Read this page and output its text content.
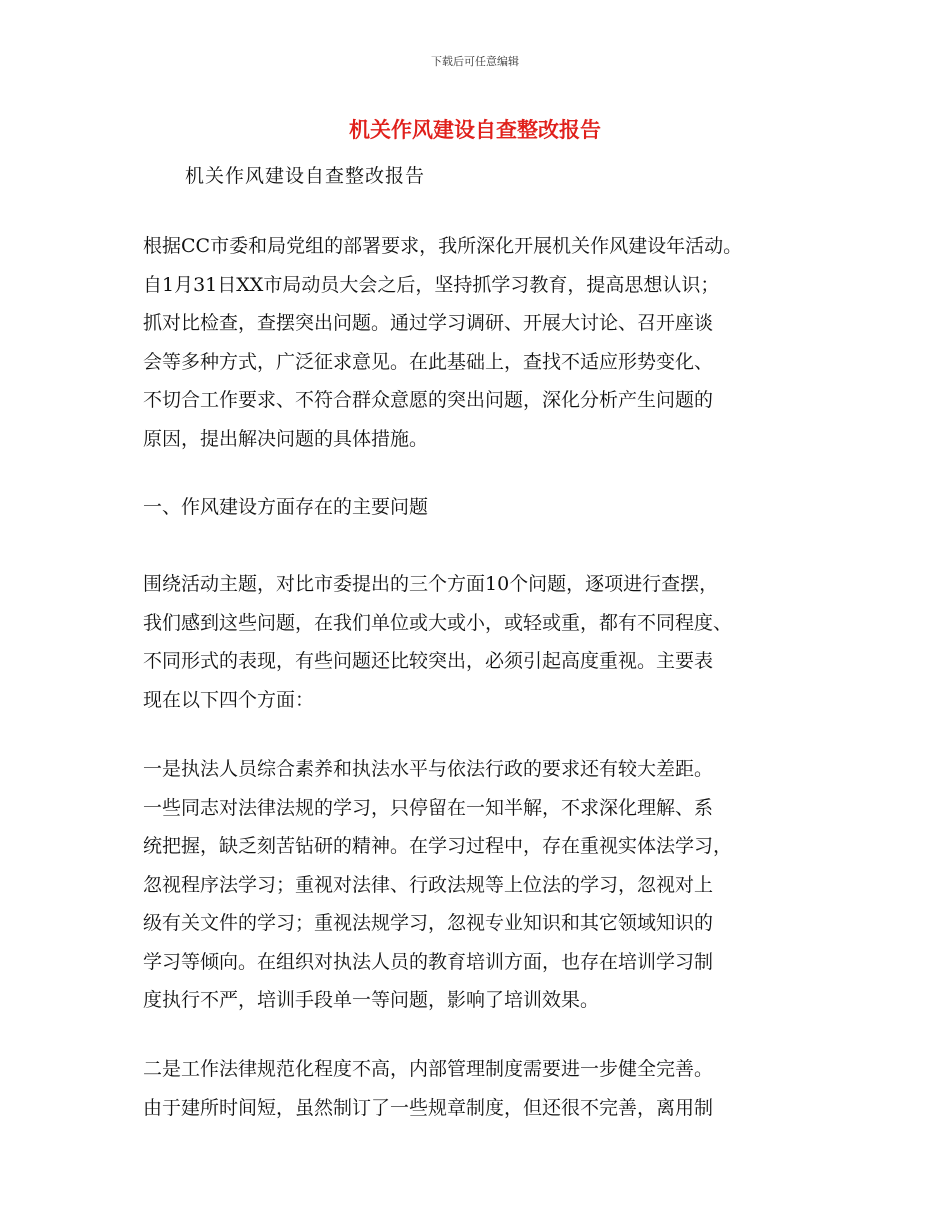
下载后可任意编辑
机关作风建设自查整改报告
机关作风建设自查整改报告
根据CC市委和局党组的部署要求，我所深化开展机关作风建设年活动。
自1月31日XX市局动员大会之后，坚持抓学习教育，提高思想认识；
抓对比检查，查摆突出问题。通过学习调研、开展大讨论、召开座谈
会等多种方式，广泛征求意见。在此基础上，查找不适应形势变化、
不切合工作要求、不符合群众意愿的突出问题，深化分析产生问题的
原因，提出解决问题的具体措施。
一、作风建设方面存在的主要问题
围绕活动主题，对比市委提出的三个方面10个问题，逐项进行查摆，
我们感到这些问题，在我们单位或大或小，或轻或重，都有不同程度、
不同形式的表现，有些问题还比较突出，必须引起高度重视。主要表
现在以下四个方面：
一是执法人员综合素养和执法水平与依法行政的要求还有较大差距。
一些同志对法律法规的学习，只停留在一知半解，不求深化理解、系
统把握，缺乏刻苦钻研的精神。在学习过程中，存在重视实体法学习，
忽视程序法学习；重视对法律、行政法规等上位法的学习，忽视对上
级有关文件的学习；重视法规学习，忽视专业知识和其它领域知识的
学习等倾向。在组织对执法人员的教育培训方面，也存在培训学习制
度执行不严，培训手段单一等问题，影响了培训效果。
二是工作法律规范化程度不高，内部管理制度需要进一步健全完善。
由于建所时间短，虽然制订了一些规章制度，但还很不完善，离用制
